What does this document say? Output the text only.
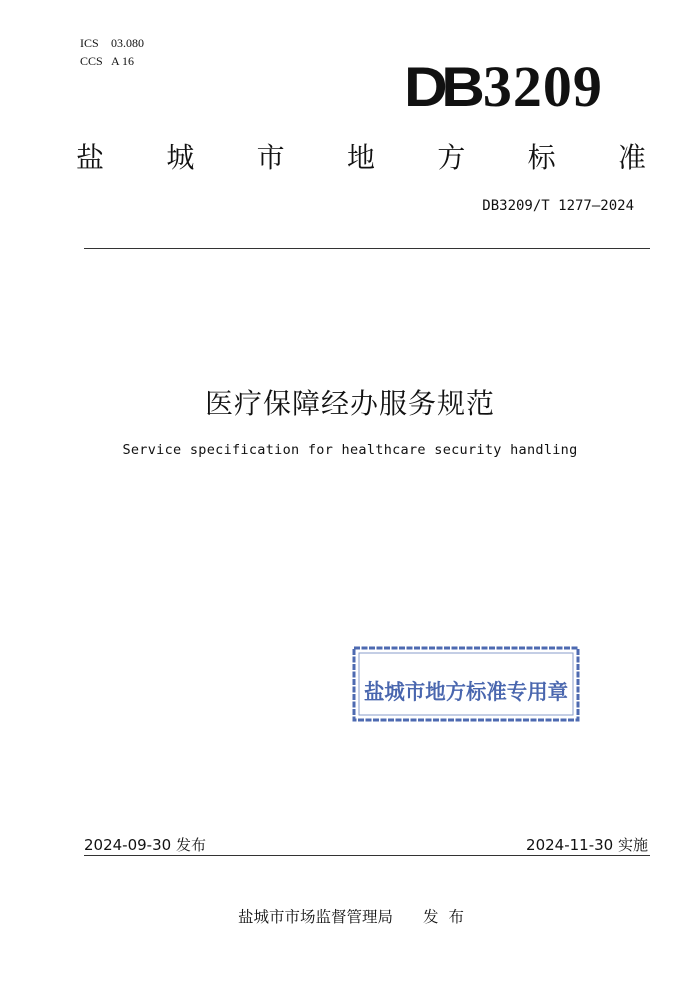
ICS 03.080
CCS A 16	DB 3209
盐 城 市 地 方 标 准
DB3209/T 1277—2024
医疗保障经办服务规范
Service specification for healthcare security handling
盐城市地方标准专用章
2024-09-30 发布	2024-11-30 实施
盐城市市场监督管理局 发布
